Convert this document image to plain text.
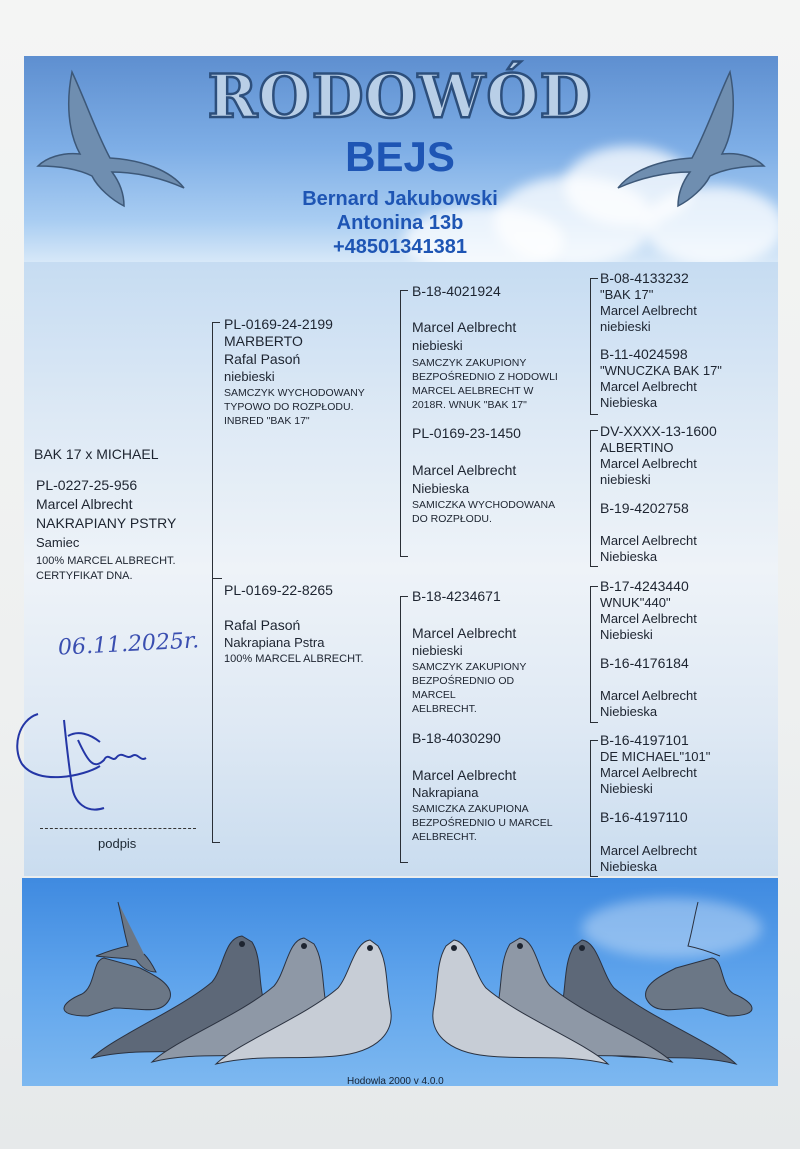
RODOWÓD
BEJS
Bernard Jakubowski
Antonina 13b
+48501341381
BAK 17 x MICHAEL
PL-0227-25-956
Marcel Albrecht
NAKRAPIANY PSTRY
Samiec
100% MARCEL ALBRECHT.
CERTYFIKAT DNA.
06.11.2025r.
podpis
PL-0169-24-2199
MARBERTO
Rafal Pasoń
niebieski
SAMCZYK WYCHODOWANY
TYPOWO DO ROZPŁODU.
INBRED "BAK 17"
PL-0169-22-8265
Rafal Pasoń
Nakrapiana Pstra
100% MARCEL ALBRECHT.
B-18-4021924
Marcel Aelbrecht
niebieski
SAMCZYK ZAKUPIONY
BEZPOŚREDNIO Z HODOWLI
MARCEL AELBRECHT W
2018R. WNUK "BAK 17"
PL-0169-23-1450
Marcel Aelbrecht
Niebieska
SAMICZKA WYCHODOWANA
DO ROZPŁODU.
B-18-4234671
Marcel Aelbrecht
niebieski
SAMCZYK ZAKUPIONY
BEZPOŚREDNIO OD
MARCEL
AELBRECHT.
B-18-4030290
Marcel Aelbrecht
Nakrapiana
SAMICZKA ZAKUPIONA
BEZPOŚREDNIO U MARCEL
AELBRECHT.
B-08-4133232
"BAK 17"
Marcel Aelbrecht
niebieski
B-11-4024598
"WNUCZKA BAK 17"
Marcel Aelbrecht
Niebieska
DV-XXXX-13-1600
ALBERTINO
Marcel Aelbrecht
niebieski
B-19-4202758
Marcel Aelbrecht
Niebieska
B-17-4243440
WNUK"440"
Marcel Aelbrecht
Niebieski
B-16-4176184
Marcel Aelbrecht
Niebieska
B-16-4197101
DE MICHAEL"101"
Marcel Aelbrecht
Niebieski
B-16-4197110
Marcel Aelbrecht
Niebieska
Hodowla 2000 v 4.0.0
